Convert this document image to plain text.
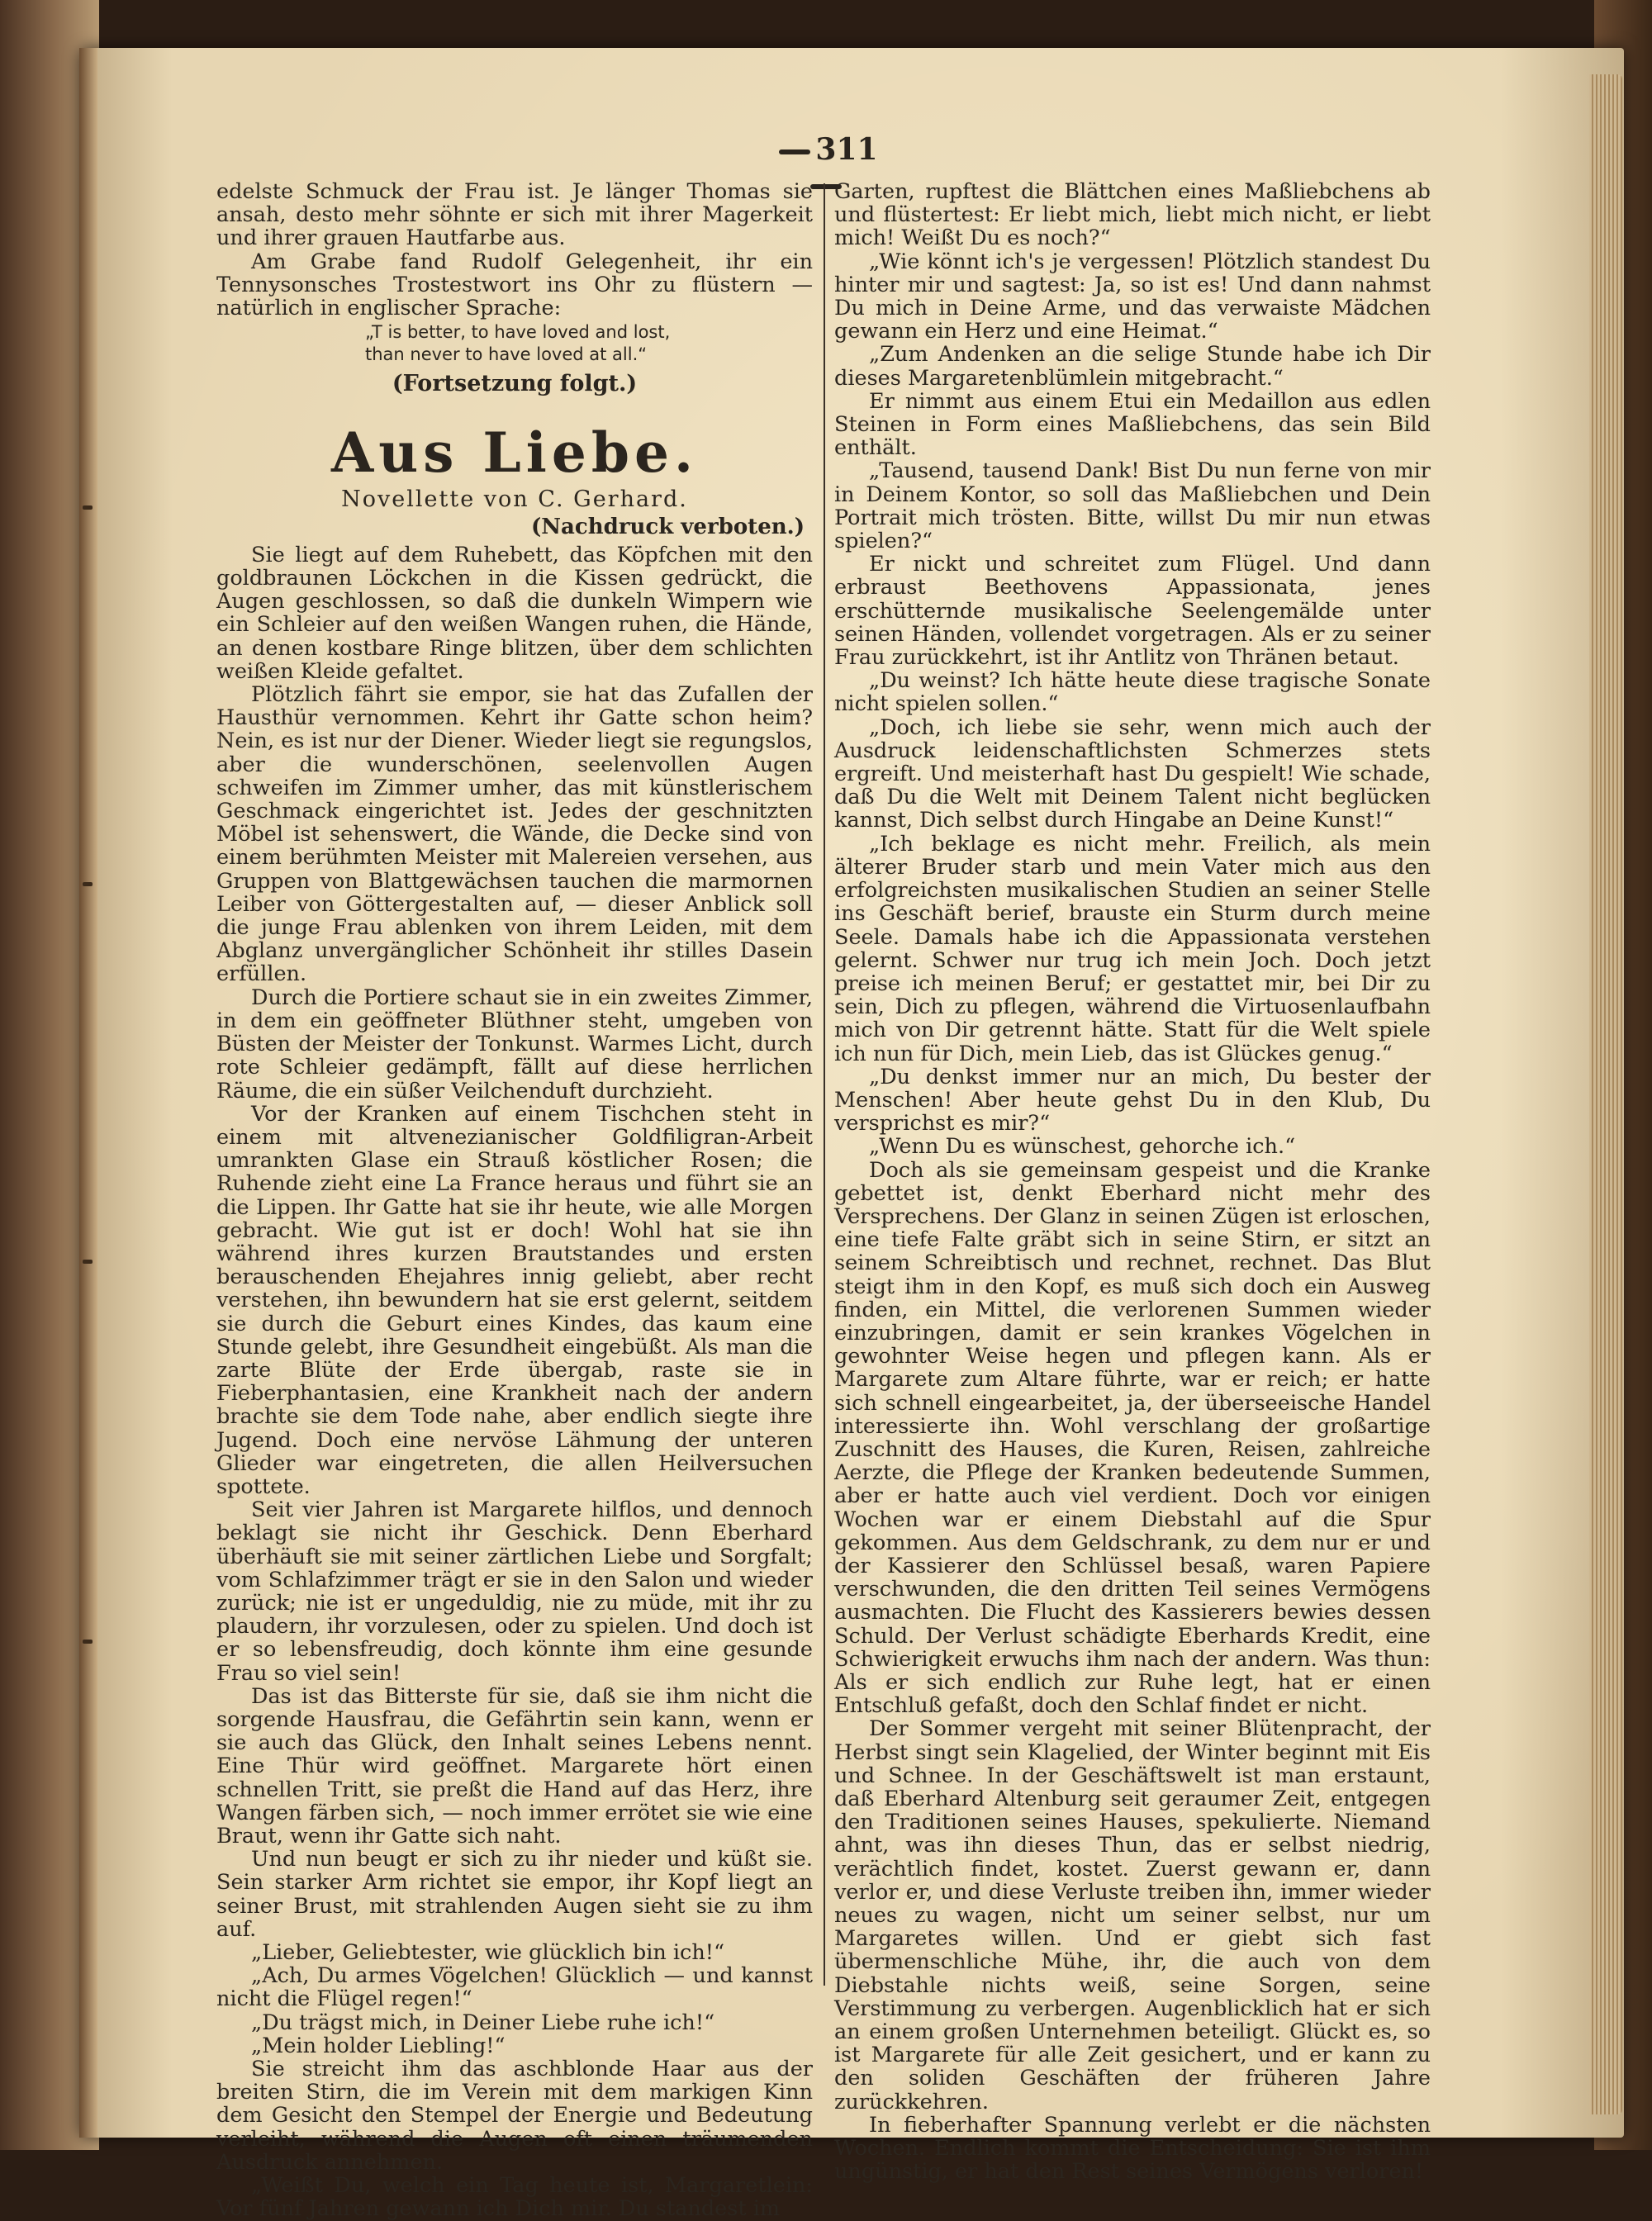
311

edelste Schmuck der Frau ist. Je länger Thomas sie ansah, desto mehr söhnte er sich mit ihrer Magerkeit und ihrer grauen Hautfarbe aus.

Am Grabe fand Rudolf Gelegenheit, ihr ein Tennysonsches Trostestwort ins Ohr zu flüstern — natürlich in englischer Sprache:

„T is better, to have loved and lost,
than never to have loved at all.“
(Fortsetzung folgt.)
Aus Liebe.
Novellette von C. Gerhard.
(Nachdruck verboten.)

Sie liegt auf dem Ruhebett, das Köpfchen mit den goldbraunen Löckchen in die Kissen gedrückt, die Augen geschlossen, so daß die dunkeln Wimpern wie ein Schleier auf den weißen Wangen ruhen, die Hände, an denen kostbare Ringe blitzen, über dem schlichten weißen Kleide gefaltet.

Plötzlich fährt sie empor, sie hat das Zufallen der Hausthür vernommen. Kehrt ihr Gatte schon heim? Nein, es ist nur der Diener. Wieder liegt sie regungslos, aber die wunderschönen, seelenvollen Augen schweifen im Zimmer umher, das mit künstlerischem Geschmack eingerichtet ist. Jedes der geschnitzten Möbel ist sehenswert, die Wände, die Decke sind von einem berühmten Meister mit Malereien versehen, aus Gruppen von Blattgewächsen tauchen die marmornen Leiber von Göttergestalten auf, — dieser Anblick soll die junge Frau ablenken von ihrem Leiden, mit dem Abglanz unvergänglicher Schönheit ihr stilles Dasein erfüllen.

Durch die Portiere schaut sie in ein zweites Zimmer, in dem ein geöffneter Blüthner steht, umgeben von Büsten der Meister der Tonkunst. Warmes Licht, durch rote Schleier gedämpft, fällt auf diese herrlichen Räume, die ein süßer Veilchenduft durchzieht.

Vor der Kranken auf einem Tischchen steht in einem mit altvenezianischer Goldfiligran-Arbeit umrankten Glase ein Strauß köstlicher Rosen; die Ruhende zieht eine La France heraus und führt sie an die Lippen. Ihr Gatte hat sie ihr heute, wie alle Morgen gebracht. Wie gut ist er doch! Wohl hat sie ihn während ihres kurzen Brautstandes und ersten berauschenden Ehejahres innig geliebt, aber recht verstehen, ihn bewundern hat sie erst gelernt, seitdem sie durch die Geburt eines Kindes, das kaum eine Stunde gelebt, ihre Gesundheit eingebüßt. Als man die zarte Blüte der Erde übergab, raste sie in Fieberphantasien, eine Krankheit nach der andern brachte sie dem Tode nahe, aber endlich siegte ihre Jugend. Doch eine nervöse Lähmung der unteren Glieder war eingetreten, die allen Heilversuchen spottete.

Seit vier Jahren ist Margarete hilflos, und dennoch beklagt sie nicht ihr Geschick. Denn Eberhard überhäuft sie mit seiner zärtlichen Liebe und Sorgfalt; vom Schlafzimmer trägt er sie in den Salon und wieder zurück; nie ist er ungeduldig, nie zu müde, mit ihr zu plaudern, ihr vorzulesen, oder zu spielen. Und doch ist er so lebensfreudig, doch könnte ihm eine gesunde Frau so viel sein!

Das ist das Bitterste für sie, daß sie ihm nicht die sorgende Hausfrau, die Gefährtin sein kann, wenn er sie auch das Glück, den Inhalt seines Lebens nennt. Eine Thür wird geöffnet. Margarete hört einen schnellen Tritt, sie preßt die Hand auf das Herz, ihre Wangen färben sich, — noch immer errötet sie wie eine Braut, wenn ihr Gatte sich naht.

Und nun beugt er sich zu ihr nieder und küßt sie. Sein starker Arm richtet sie empor, ihr Kopf liegt an seiner Brust, mit strahlenden Augen sieht sie zu ihm auf.

„Lieber, Geliebtester, wie glücklich bin ich!“

„Ach, Du armes Vögelchen! Glücklich — und kannst nicht die Flügel regen!“

„Du trägst mich, in Deiner Liebe ruhe ich!“

„Mein holder Liebling!“

Sie streicht ihm das aschblonde Haar aus der breiten Stirn, die im Verein mit dem markigen Kinn dem Gesicht den Stempel der Energie und Bedeutung verleiht, während die Augen oft einen träumenden Ausdruck annehmen.

„Weißt Du, welch ein Tag heute ist, Margaretlein: Vor fünf Jahren gewann ich Dich mir. Du standest im

Garten, rupftest die Blättchen eines Maßliebchens ab und flüstertest: Er liebt mich, liebt mich nicht, er liebt mich! Weißt Du es noch?“

„Wie könnt ich's je vergessen! Plötzlich standest Du hinter mir und sagtest: Ja, so ist es! Und dann nahmst Du mich in Deine Arme, und das verwaiste Mädchen gewann ein Herz und eine Heimat.“

„Zum Andenken an die selige Stunde habe ich Dir dieses Margaretenblümlein mitgebracht.“

Er nimmt aus einem Etui ein Medaillon aus edlen Steinen in Form eines Maßliebchens, das sein Bild enthält.

„Tausend, tausend Dank! Bist Du nun ferne von mir in Deinem Kontor, so soll das Maßliebchen und Dein Portrait mich trösten. Bitte, willst Du mir nun etwas spielen?“

Er nickt und schreitet zum Flügel. Und dann erbraust Beethovens Appassionata, jenes erschütternde musikalische Seelengemälde unter seinen Händen, vollendet vorgetragen. Als er zu seiner Frau zurückkehrt, ist ihr Antlitz von Thränen betaut.

„Du weinst? Ich hätte heute diese tragische Sonate nicht spielen sollen.“

„Doch, ich liebe sie sehr, wenn mich auch der Ausdruck leidenschaftlichsten Schmerzes stets ergreift. Und meisterhaft hast Du gespielt! Wie schade, daß Du die Welt mit Deinem Talent nicht beglücken kannst, Dich selbst durch Hingabe an Deine Kunst!“

„Ich beklage es nicht mehr. Freilich, als mein älterer Bruder starb und mein Vater mich aus den erfolgreichsten musikalischen Studien an seiner Stelle ins Geschäft berief, brauste ein Sturm durch meine Seele. Damals habe ich die Appassionata verstehen gelernt. Schwer nur trug ich mein Joch. Doch jetzt preise ich meinen Beruf; er gestattet mir, bei Dir zu sein, Dich zu pflegen, während die Virtuosenlaufbahn mich von Dir getrennt hätte. Statt für die Welt spiele ich nun für Dich, mein Lieb, das ist Glückes genug.“

„Du denkst immer nur an mich, Du bester der Menschen! Aber heute gehst Du in den Klub, Du versprichst es mir?“

„Wenn Du es wünschest, gehorche ich.“

Doch als sie gemeinsam gespeist und die Kranke gebettet ist, denkt Eberhard nicht mehr des Versprechens. Der Glanz in seinen Zügen ist erloschen, eine tiefe Falte gräbt sich in seine Stirn, er sitzt an seinem Schreibtisch und rechnet, rechnet. Das Blut steigt ihm in den Kopf, es muß sich doch ein Ausweg finden, ein Mittel, die verlorenen Summen wieder einzubringen, damit er sein krankes Vögelchen in gewohnter Weise hegen und pflegen kann. Als er Margarete zum Altare führte, war er reich; er hatte sich schnell eingearbeitet, ja, der überseeische Handel interessierte ihn. Wohl verschlang der großartige Zuschnitt des Hauses, die Kuren, Reisen, zahlreiche Aerzte, die Pflege der Kranken bedeutende Summen, aber er hatte auch viel verdient. Doch vor einigen Wochen war er einem Diebstahl auf die Spur gekommen. Aus dem Geldschrank, zu dem nur er und der Kassierer den Schlüssel besaß, waren Papiere verschwunden, die den dritten Teil seines Vermögens ausmachten. Die Flucht des Kassierers bewies dessen Schuld. Der Verlust schädigte Eberhards Kredit, eine Schwierigkeit erwuchs ihm nach der andern. Was thun: Als er sich endlich zur Ruhe legt, hat er einen Entschluß gefaßt, doch den Schlaf findet er nicht.

Der Sommer vergeht mit seiner Blütenpracht, der Herbst singt sein Klagelied, der Winter beginnt mit Eis und Schnee. In der Geschäftswelt ist man erstaunt, daß Eberhard Altenburg seit geraumer Zeit, entgegen den Traditionen seines Hauses, spekulierte. Niemand ahnt, was ihn dieses Thun, das er selbst niedrig, verächtlich findet, kostet. Zuerst gewann er, dann verlor er, und diese Verluste treiben ihn, immer wieder neues zu wagen, nicht um seiner selbst, nur um Margaretes willen. Und er giebt sich fast übermenschliche Mühe, ihr, die auch von dem Diebstahle nichts weiß, seine Sorgen, seine Verstimmung zu verbergen. Augenblicklich hat er sich an einem großen Unternehmen beteiligt. Glückt es, so ist Margarete für alle Zeit gesichert, und er kann zu den soliden Geschäften der früheren Jahre zurückkehren.

In fieberhafter Spannung verlebt er die nächsten Wochen. Endlich kommt die Entscheidung: Sie ist ihm ungünstig, er hat den Rest seines Vermögens verloren!
